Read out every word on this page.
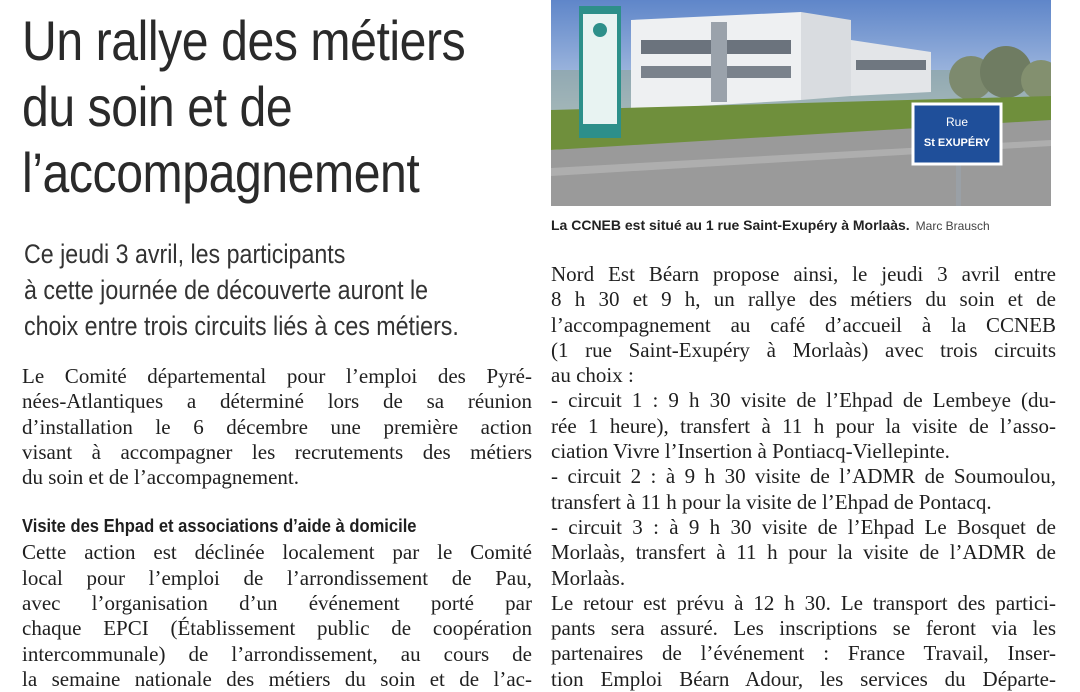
Un rallye des métiers
du soin et de
l’accompagnement

Ce jeudi 3 avril, les participants
à cette journée de découverte auront le
choix entre trois circuits liés à ces métiers.

Le Comité départemental pour l’emploi des Pyré-
nées-Atlantiques a déterminé lors de sa réunion
d’installation le 6 décembre une première action
visant à accompagner les recrutements des métiers
du soin et de l’accompagnement.

Visite des Ehpad et associations d’aide à domicile

Cette action est déclinée localement par le Comité
local pour l’emploi de l’arrondissement de Pau,
avec l’organisation d’un événement porté par
chaque EPCI (Établissement public de coopération
intercommunale) de l’arrondissement, au cours de
la semaine nationale des métiers du soin et de l’ac-

Rue
St EXUPÉRY
La CCNEB est situé au 1 rue Saint-Exupéry à Morlaàs. Marc Brausch

Nord Est Béarn propose ainsi, le jeudi 3 avril entre
8 h 30 et 9 h, un rallye des métiers du soin et de
l’accompagnement au café d’accueil à la CCNEB
(1 rue Saint-Exupéry à Morlaàs) avec trois circuits
au choix :
- circuit 1 : 9 h 30 visite de l’Ehpad de Lembeye (du-
rée 1 heure), transfert à 11 h pour la visite de l’asso-
ciation Vivre l’Insertion à Pontiacq-Viellepinte.
- circuit 2 : à 9 h 30 visite de l’ADMR de Soumoulou,
transfert à 11 h pour la visite de l’Ehpad de Pontacq.
- circuit 3 : à 9 h 30 visite de l’Ehpad Le Bosquet de
Morlaàs, transfert à 11 h pour la visite de l’ADMR de
Morlaàs.
Le retour est prévu à 12 h 30. Le transport des partici-
pants sera assuré. Les inscriptions se feront via les
partenaires de l’événement : France Travail, Inser-
tion Emploi Béarn Adour, les services du Départe-
